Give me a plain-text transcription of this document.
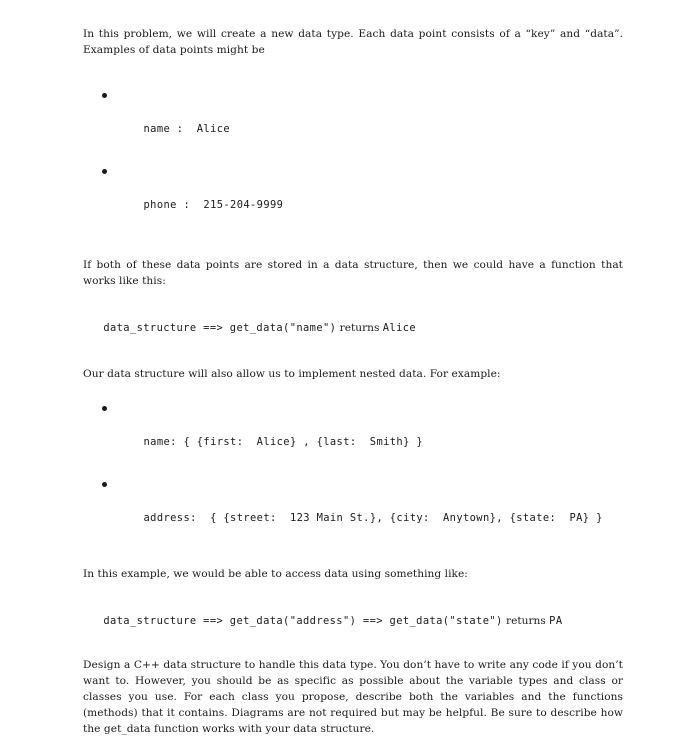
In this problem, we will create a new data type. Each data point consists of a “key” and “data”. Examples of data points might be

name :  Alice

phone :  215-204-9999

If both of these data points are stored in a data structure, then we could have a function that works like this:

data_structure ==> get_data("name") returns Alice

Our data structure will also allow us to implement nested data. For example:

name: { {first:  Alice} , {last:  Smith} }

address:  { {street:  123 Main St.}, {city:  Anytown}, {state:  PA} }

In this example, we would be able to access data using something like:

data_structure ==> get_data("address") ==> get_data("state") returns PA

Design a C++ data structure to handle this data type. You don’t have to write any code if you don’t want to. However, you should be as specific as possible about the variable types and class or classes you use. For each class you propose, describe both the variables and the functions (methods) that it contains. Diagrams are not required but may be helpful. Be sure to describe how the get_data function works with your data structure.
